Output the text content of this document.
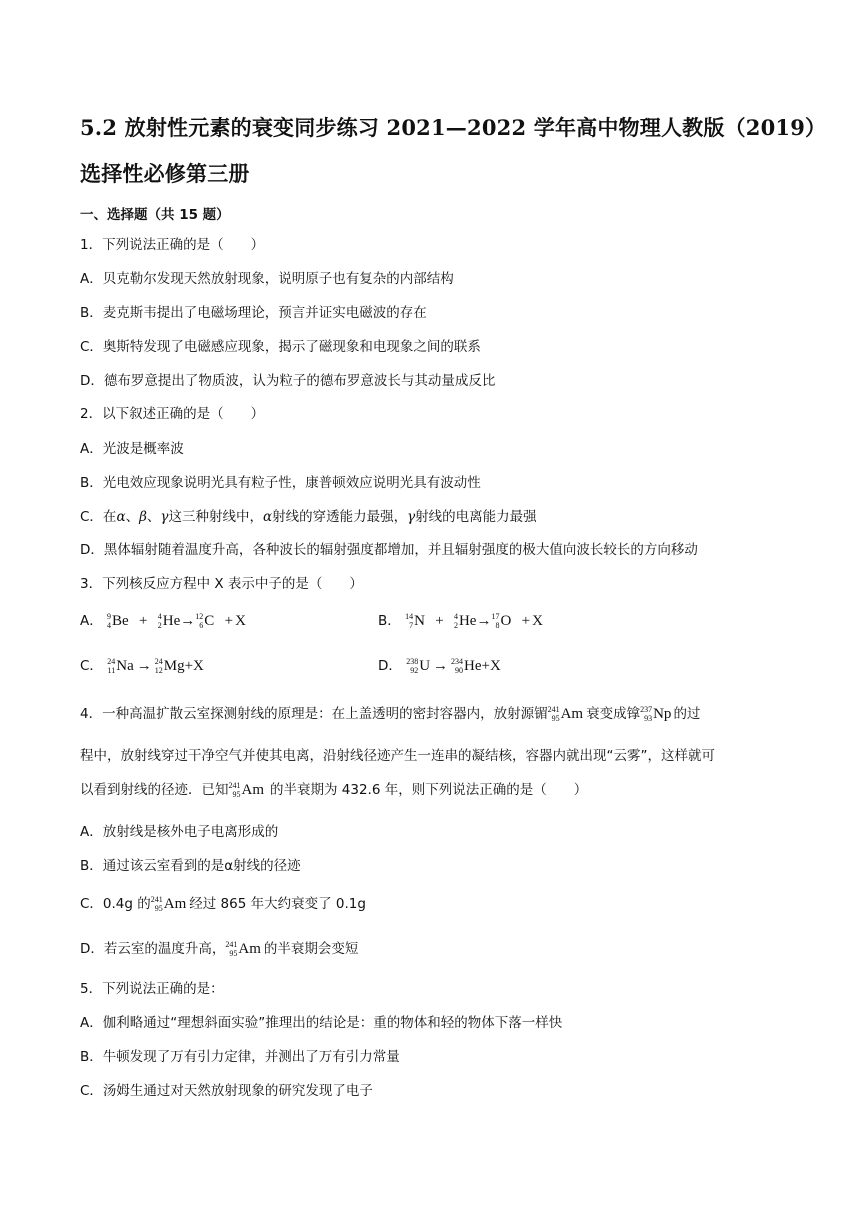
5.2 放射性元素的衰变同步练习 2021—2022 学年高中物理人教版（2019）
选择性必修第三册
一、选择题（共 15 题）
1．下列说法正确的是（　　）
A．贝克勒尔发现天然放射现象，说明原子也有复杂的内部结构
B．麦克斯韦提出了电磁场理论，预言并证实电磁波的存在
C．奥斯特发现了电磁感应现象，揭示了磁现象和电现象之间的联系
D．德布罗意提出了物质波，认为粒子的德布罗意波长与其动量成反比
2．以下叙述正确的是（　　）
A．光波是概率波
B．光电效应现象说明光具有粒子性，康普顿效应说明光具有波动性
C．在α、β、γ这三种射线中，α射线的穿透能力最强，γ射线的电离能力最强
D．黑体辐射随着温度升高，各种波长的辐射强度都增加，并且辐射强度的极大值向波长较长的方向移动
3．下列核反应方程中 X 表示中子的是（　　）
A． 9
4Be + 4
2He→12
6C + X	B． 14
7N + 4
2He→17
8O + X
C． 24
11Na → 24
12Mg+X	D． 238
92U → 234
90He+X
4．一种高温扩散云室探测射线的原理是：在上盖透明的密封容器内，放射源镅241
95Am 衰变成镎237
93Np 的过
程中，放射线穿过干净空气并使其电离，沿射线径迹产生一连串的凝结核，容器内就出现“云雾”，这样就可
以看到射线的径迹．已知241
95Am 的半衰期为 432.6 年，则下列说法正确的是（　　）
A．放射线是核外电子电离形成的
B．通过该云室看到的是α射线的径迹
C．0.4g 的241
95Am 经过 865 年大约衰变了 0.1g
D．若云室的温度升高，241
95Am 的半衰期会变短
5．下列说法正确的是：
A．伽利略通过“理想斜面实验”推理出的结论是：重的物体和轻的物体下落一样快
B．牛顿发现了万有引力定律，并测出了万有引力常量
C．汤姆生通过对天然放射现象的研究发现了电子
